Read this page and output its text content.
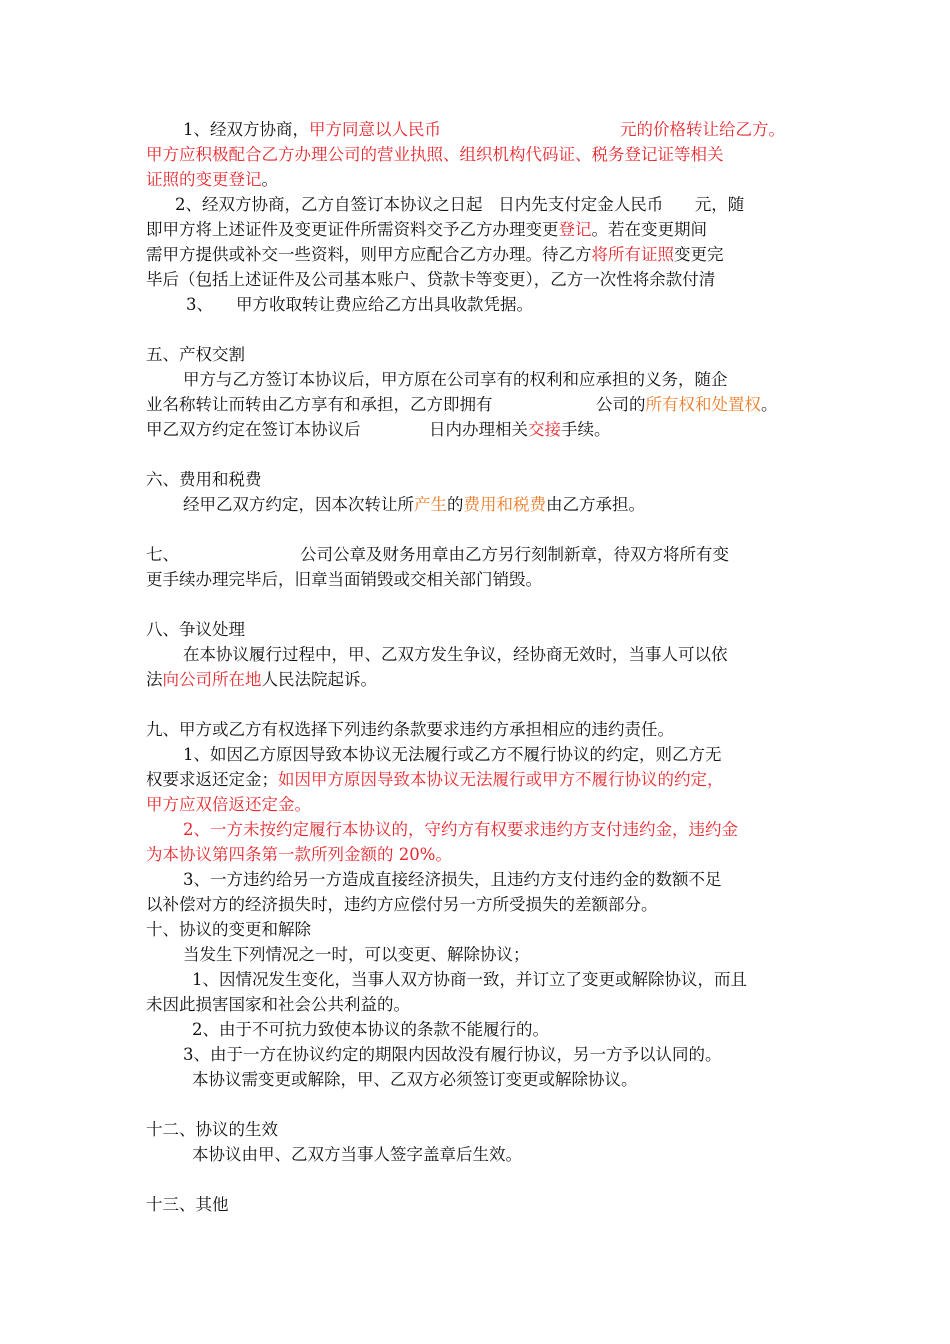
1、经双方协商，甲方同意以人民币	元的价格转让给乙方。
甲方应积极配合乙方办理公司的营业执照、组织机构代码证、税务登记证等相关
证照的变更登记。
2、经双方协商，乙方自签订本协议之日起   日内先支付定金人民币      元，随
即甲方将上述证件及变更证件所需资料交予乙方办理变更登记。若在变更期间
需甲方提供或补交一些资料，则甲方应配合乙方办理。待乙方将所有证照变更完
毕后（包括上述证件及公司基本账户、贷款卡等变更），乙方一次性将余款付清
3、 甲方收取转让费应给乙方出具收款凭据。
五、产权交割
甲方与乙方签订本协议后，甲方原在公司享有的权利和应承担的义务，随企
业名称转让而转由乙方享有和承担，乙方即拥有	公司的所有权和处置权。
甲乙双方约定在签订本协议后	日内办理相关交接手续。
六、费用和税费
经甲乙双方约定，因本次转让所产生的费用和税费由乙方承担。
七、	公司公章及财务用章由乙方另行刻制新章，待双方将所有变
更手续办理完毕后，旧章当面销毁或交相关部门销毁。
八、争议处理
在本协议履行过程中，甲、乙双方发生争议，经协商无效时，当事人可以依
法向公司所在地人民法院起诉。
九、甲方或乙方有权选择下列违约条款要求违约方承担相应的违约责任。
1、如因乙方原因导致本协议无法履行或乙方不履行协议的约定，则乙方无
权要求返还定金；如因甲方原因导致本协议无法履行或甲方不履行协议的约定，
甲方应双倍返还定金。
2、一方未按约定履行本协议的，守约方有权要求违约方支付违约金，违约金
为本协议第四条第一款所列金额的 20%。
3、一方违约给另一方造成直接经济损失，且违约方支付违约金的数额不足
以补偿对方的经济损失时，违约方应偿付另一方所受损失的差额部分。
十、协议的变更和解除
当发生下列情况之一时，可以变更、解除协议；
1、因情况发生变化，当事人双方协商一致，并订立了变更或解除协议，而且
未因此损害国家和社会公共利益的。
2、由于不可抗力致使本协议的条款不能履行的。
3、由于一方在协议约定的期限内因故没有履行协议，另一方予以认同的。
本协议需变更或解除，甲、乙双方必须签订变更或解除协议。
十二、协议的生效
本协议由甲、乙双方当事人签字盖章后生效。
十三、其他
